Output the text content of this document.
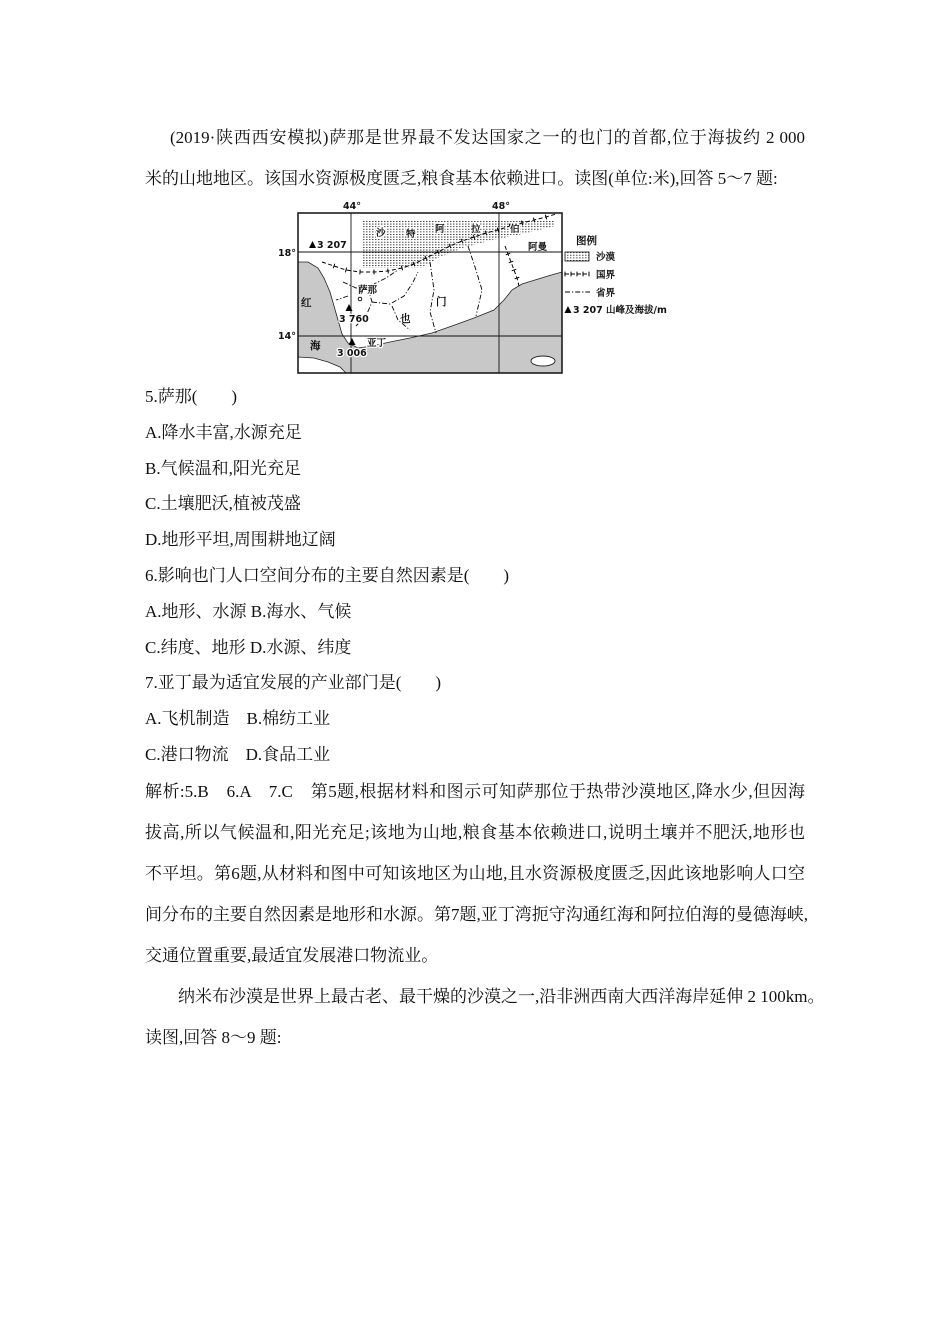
(2019·陕西西安模拟)萨那是世界最不发达国家之一的也门的首都,位于海拔约 2 000
米的山地地区。该国水资源极度匮乏,粮食基本依赖进口。读图(单位:米),回答 5～7 题:
沙 特 阿	拉	伯
阿曼
也
门
红
海
萨那
亚丁
3 207
3 760
3 006
44°	48°
18°
14°
图例
沙漠
国界
省界
3 207 山峰及海拔/m
5.萨那(　　)
A.降水丰富,水源充足
B.气候温和,阳光充足
C.土壤肥沃,植被茂盛
D.地形平坦,周围耕地辽阔
6.影响也门人口空间分布的主要自然因素是(　　)
A.地形、水源 B.海水、气候
C.纬度、地形 D.水源、纬度
7.亚丁最为适宜发展的产业部门是(　　)
A.飞机制造　B.棉纺工业
C.港口物流　D.食品工业
解析:5.B　6.A　7.C　第5题,根据材料和图示可知萨那位于热带沙漠地区,降水少,但因海
拔高,所以气候温和,阳光充足;该地为山地,粮食基本依赖进口,说明土壤并不肥沃,地形也
不平坦。第6题,从材料和图中可知该地区为山地,且水资源极度匮乏,因此该地影响人口空
间分布的主要自然因素是地形和水源。第7题,亚丁湾扼守沟通红海和阿拉伯海的曼德海峡,
交通位置重要,最适宜发展港口物流业。
纳米布沙漠是世界上最古老、最干燥的沙漠之一,沿非洲西南大西洋海岸延伸 2 100km。
读图,回答 8～9 题:
